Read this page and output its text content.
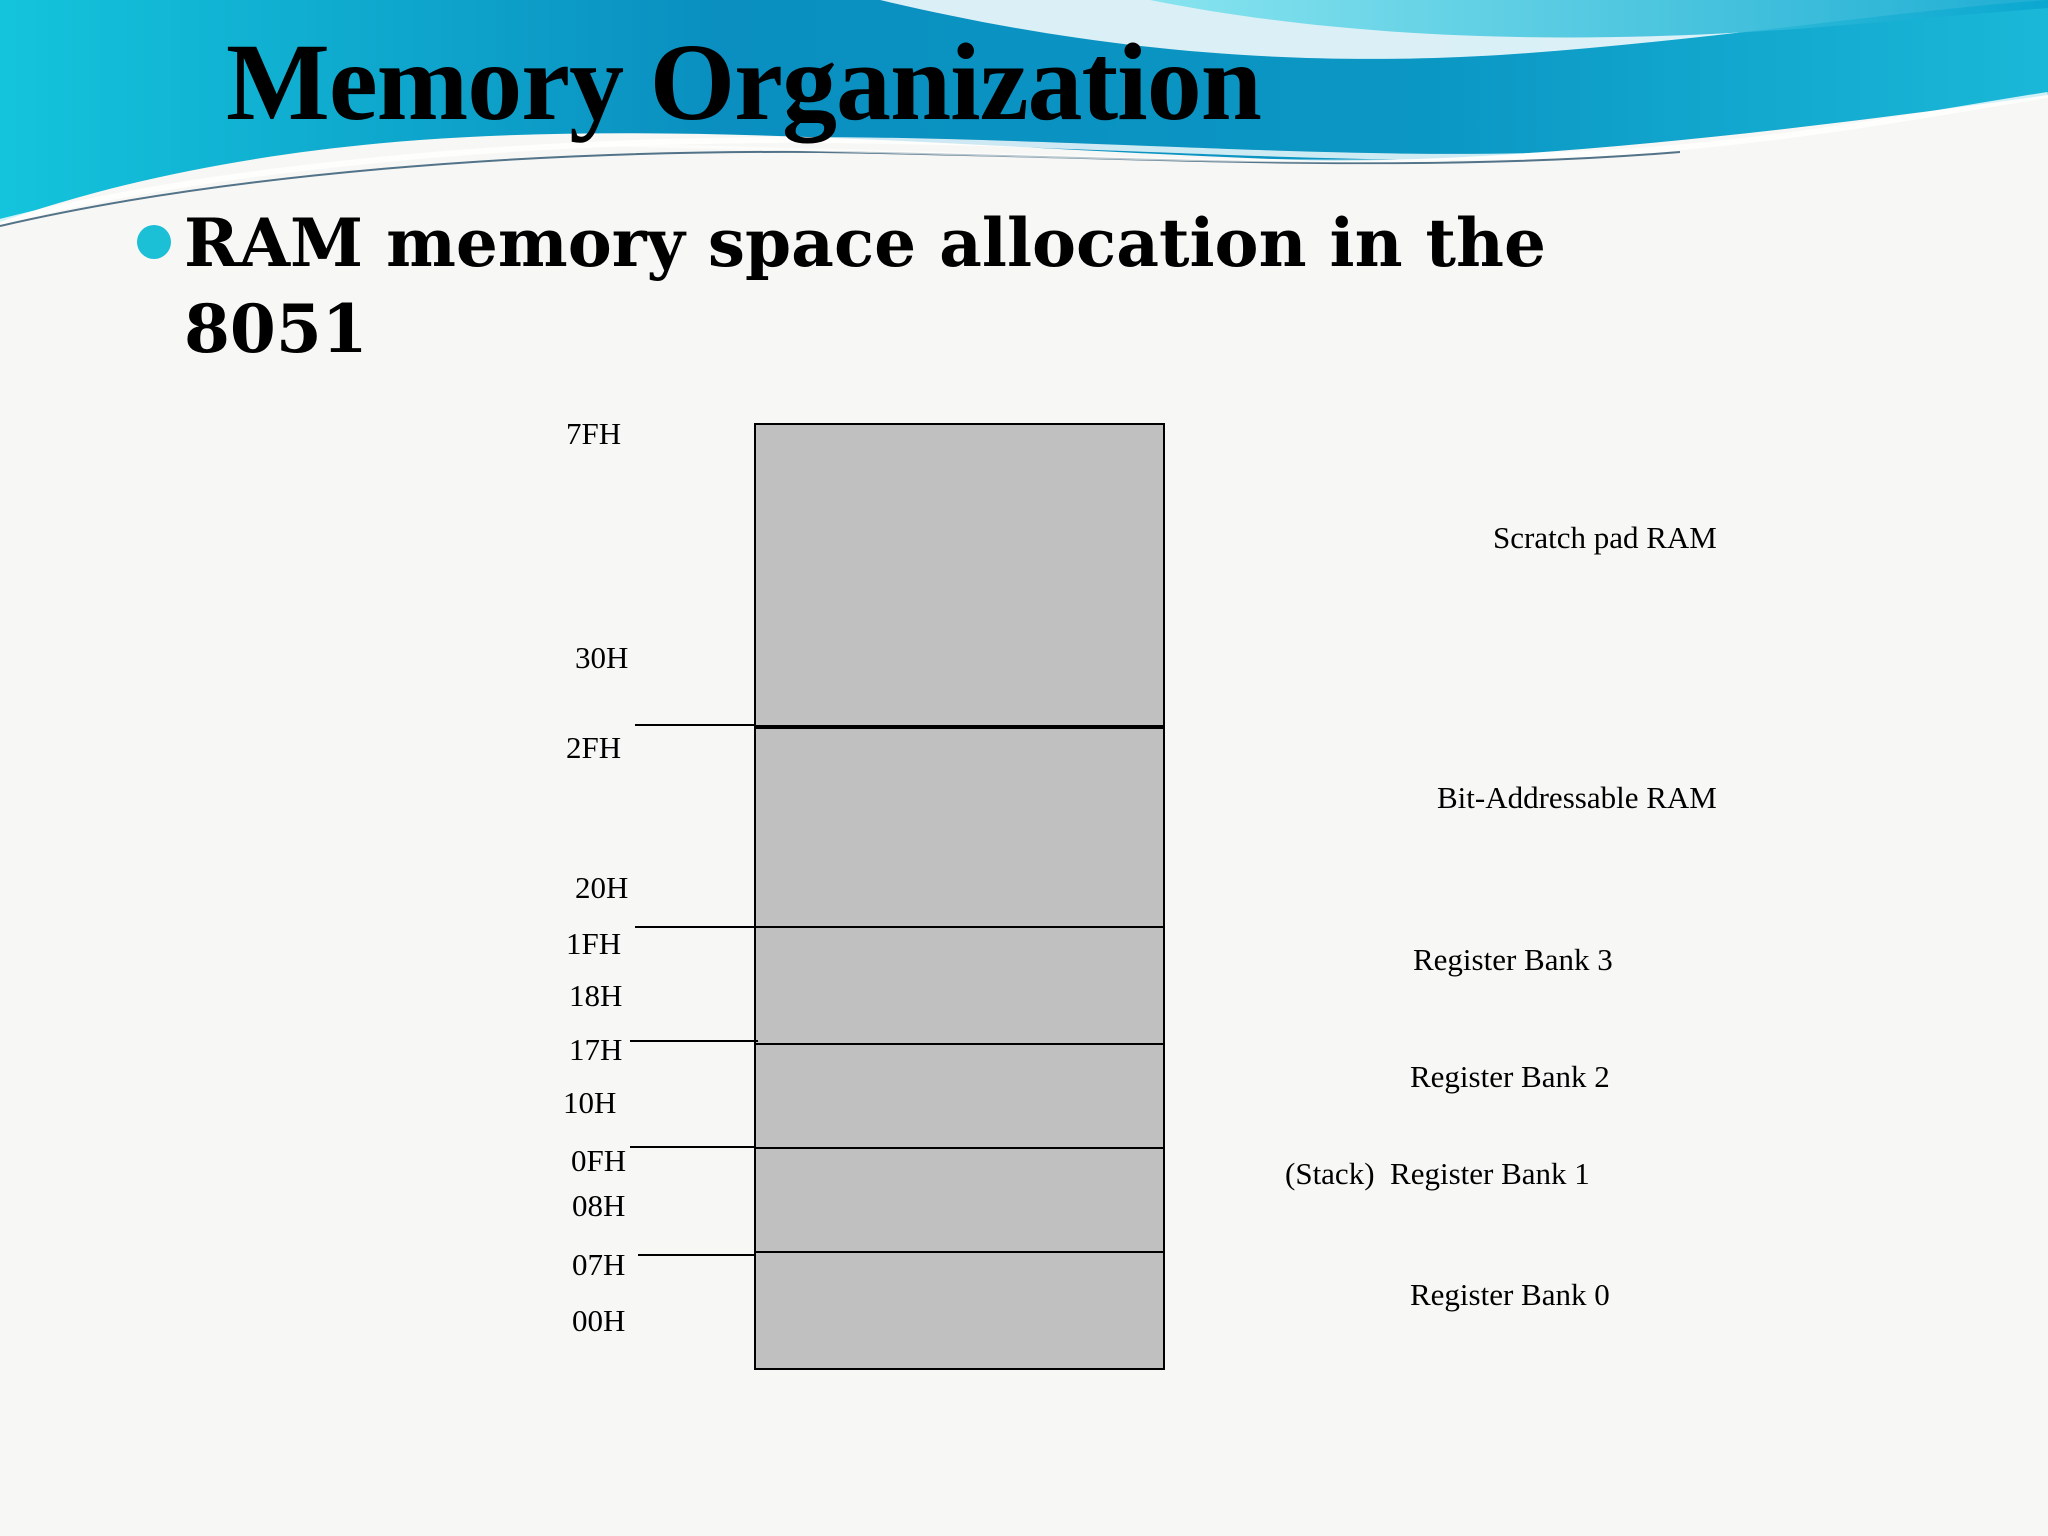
Memory Organization
RAM memory space allocation in the 8051
7FH
30H
2FH
20H
1FH
18H
17H
10H
0FH
08H
07H
00H
Scratch pad RAM
Bit-Addressable RAM
Register Bank 3
Register Bank 2
(Stack)  Register Bank 1
Register Bank 0
